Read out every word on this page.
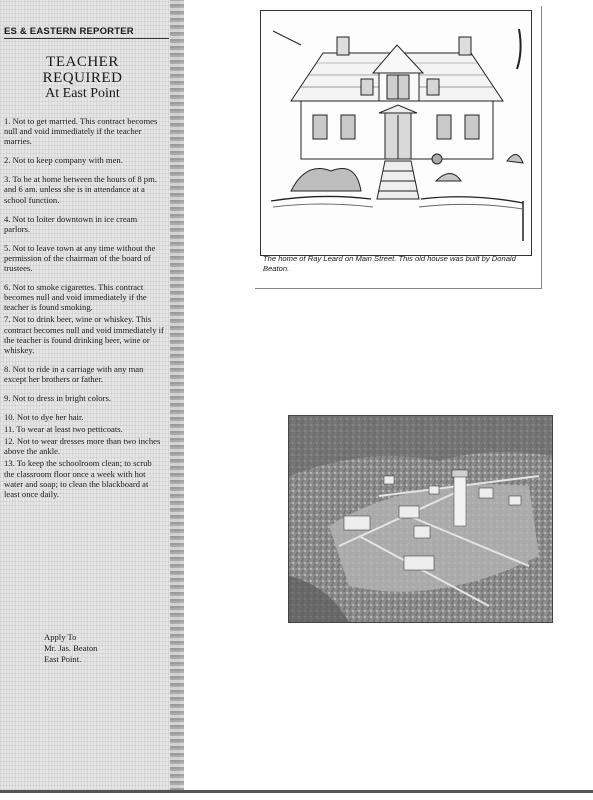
ES & EASTERN REPORTER
TEACHER
REQUIRED
At East Point

1. Not to get married. This contract becomes null and void immediately if the teacher marries.

2. Not to keep company with men.

3. To be at home between the hours of 8 pm. and 6 am. unless she is in attendance at a school function.

4. Not to loiter downtown in ice cream parlors.

5. Not to leave town at any time without the permission of the chairman of the board of trustees.

6. Not to smoke cigarettes. This contract becomes null and void immediately if the teacher is found smoking.

7. Not to drink beer, wine or whiskey. This contract becomes null and void immediately if the teacher is found drinking beer, wine or whiskey.

8. Not to ride in a carriage with any man except her brothers or father.

9. Not to dress in bright colors.

10. Not to dye her hair.

11. To wear at least two petticoats.

12. Not to wear dresses more than two inches above the ankle.

13. To keep the schoolroom clean; to scrub the classroom floor once a week with hot water and soap; to clean the blackboard at least once daily.

Apply To
Mr. Jas. Beaton
East Point.
The home of Ray Leard on Main Street. This old house was built by Donald Beaton.
